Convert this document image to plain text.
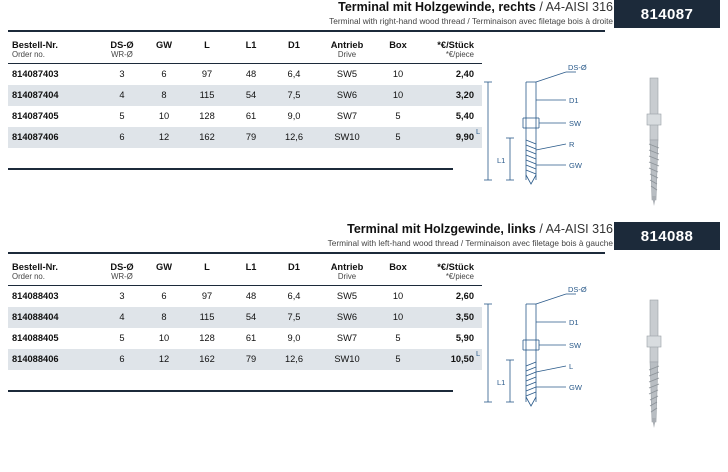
Terminal mit Holzgewinde, rechts / A4-AISI 316
Terminal with right-hand wood thread / Terminaison avec filetage bois à droite	814087
Bestell-Nr.	DS-Ø	GW	L	L1	D1	Antrieb	Box	*€/Stück
Order no.	WR-Ø					Drive		*€/piece
814087403	3	6	97	48	6,4	SW5	10	2,40
814087404	4	8	115	54	7,5	SW6	10	3,20
814087405	5	10	128	61	9,0	SW7	5	5,40
814087406	6	12	162	79	12,6	SW10	5	9,90
DS-Ø
D1
SW
R
GW
L
L1
Terminal mit Holzgewinde, links / A4-AISI 316
Terminal with left-hand wood thread / Terminaison avec filetage bois à gauche	814088
Bestell-Nr.	DS-Ø	GW	L	L1	D1	Antrieb	Box	*€/Stück
Order no.	WR-Ø					Drive		*€/piece
814088403	3	6	97	48	6,4	SW5	10	2,60
814088404	4	8	115	54	7,5	SW6	10	3,50
814088405	5	10	128	61	9,0	SW7	5	5,90
814088406	6	12	162	79	12,6	SW10	5	10,50
DS-Ø
D1
SW
L
GW
L
L1
